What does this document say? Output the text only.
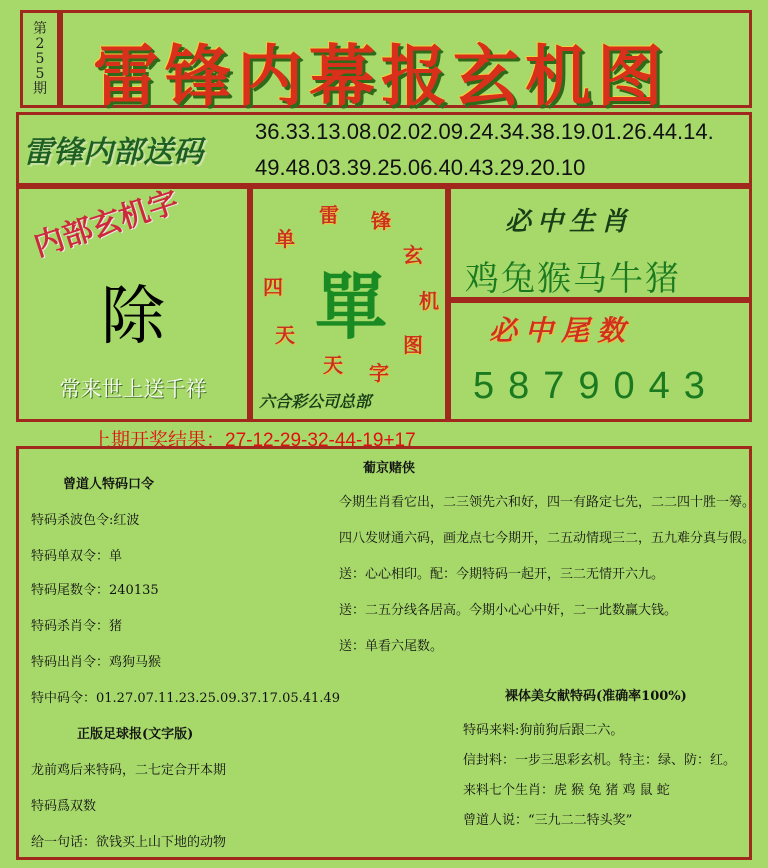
第
2
5
5
期 雷锋内幕报玄机图
雷锋内部送码
36.33.13.08.02.02.09.24.34.38.19.01.26.44.14.
49.48.03.39.25.06.40.43.29.20.10
内部玄机字
除
常来世上送千祥
雷 锋
玄
机
图
字
天
天
四
单
單
六合彩公司总部
必中生肖
鸡兔猴马牛猪
必中尾数
5879043
上期开奖结果：27-12-29-32-44-19+17
曾道人特码口令
特码杀波色令:红波
特码单双令：单
特码尾数令：240135
特码杀肖令：猪
特码出肖令：鸡狗马猴
特中码令：01.27.07.11.23.25.09.37.17.05.41.49
正版足球报(文字版)
龙前鸡后来特码，二七定合开本期
特码爲双数
给一句话：欲钱买上山下地的动物
葡京赌侠
今期生肖看它出，二三领先六和好，四一有路定七先，二二四十胜一筹。
四八发财通六码，画龙点七今期开，二五动情现三二，五九难分真与假。
送：心心相印。配：今期特码一起开，三二无情开六九。
送：二五分线各居高。今期小心心中奸，二一此数赢大钱。
送：单看六尾数。
裸体美女献特码(准确率100%)
特码来料:狗前狗后跟二六。
信封料：一步三思彩玄机。特主：绿、防：红。
来料七个生肖：虎 猴 兔 猪 鸡 鼠 蛇
曾道人说：“三九二二特头奖”
